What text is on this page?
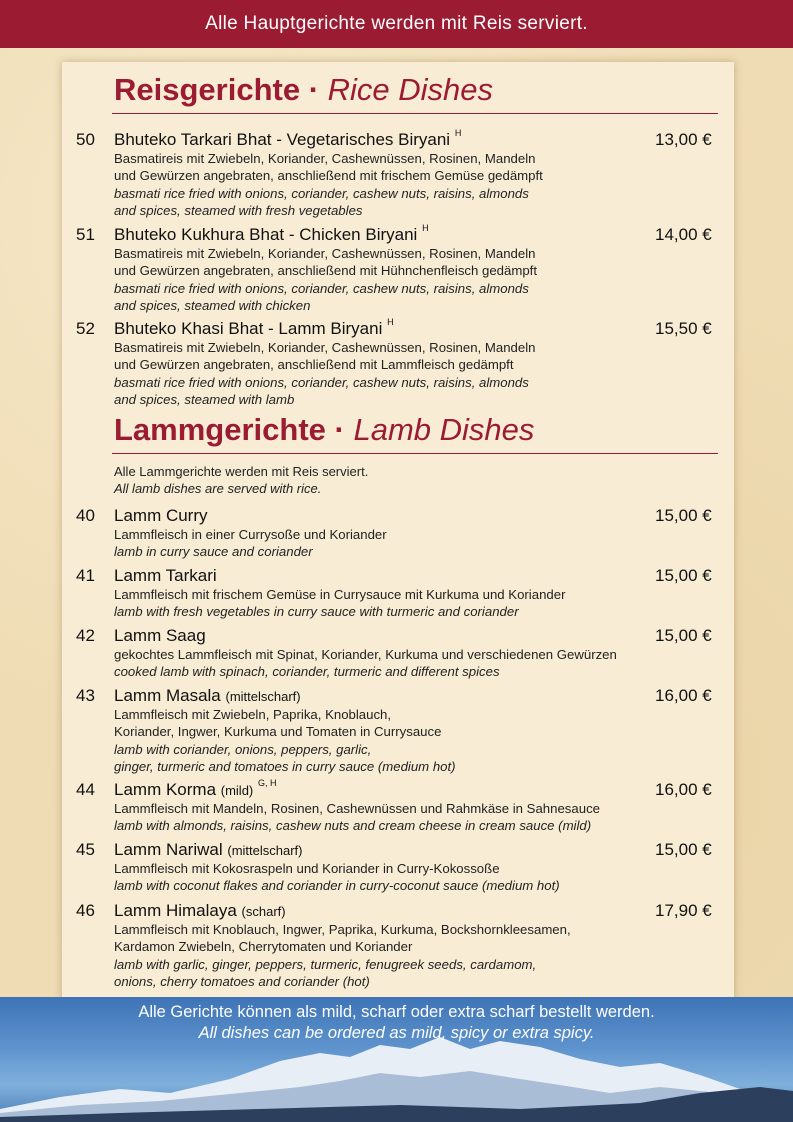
Alle Hauptgerichte werden mit Reis serviert.
Reisgerichte · Rice Dishes
50 Bhuteko Tarkari Bhat - Vegetarisches Biryani $^H$	13,00 €
Basmatireis mit Zwiebeln, Koriander, Cashewnüssen, Rosinen, Mandeln
und Gewürzen angebraten, anschließend mit frischem Gemüse gedämpft
basmati rice fried with onions, coriander, cashew nuts, raisins, almonds
and spices, steamed with fresh vegetables
51 Bhuteko Kukhura Bhat - Chicken Biryani $^H$	14,00 €
Basmatireis mit Zwiebeln, Koriander, Cashewnüssen, Rosinen, Mandeln
und Gewürzen angebraten, anschließend mit Hühnchenfleisch gedämpft
basmati rice fried with onions, coriander, cashew nuts, raisins, almonds
and spices, steamed with chicken
52 Bhuteko Khasi Bhat - Lamm Biryani $^H$	15,50 €
Basmatireis mit Zwiebeln, Koriander, Cashewnüssen, Rosinen, Mandeln
und Gewürzen angebraten, anschließend mit Lammfleisch gedämpft
basmati rice fried with onions, coriander, cashew nuts, raisins, almonds
and spices, steamed with lamb
Lammgerichte · Lamb Dishes
Alle Lammgerichte werden mit Reis serviert.
All lamb dishes are served with rice.
40 Lamm Curry	15,00 €
Lammfleisch in einer Currysoße und Koriander
lamb in curry sauce and coriander
41 Lamm Tarkari	15,00 €
Lammfleisch mit frischem Gemüse in Currysauce mit Kurkuma und Koriander
lamb with fresh vegetables in curry sauce with turmeric and coriander
42 Lamm Saag	15,00 €
gekochtes Lammfleisch mit Spinat, Koriander, Kurkuma und verschiedenen Gewürzen
cooked lamb with spinach, coriander, turmeric and different spices
43 Lamm Masala (mittelscharf)	16,00 €
Lammfleisch mit Zwiebeln, Paprika, Knoblauch,
Koriander, Ingwer, Kurkuma und Tomaten in Currysauce
lamb with coriander, onions, peppers, garlic,
ginger, turmeric and tomatoes in curry sauce (medium hot)
44 Lamm Korma (mild) $^{G, H}$	16,00 €
Lammfleisch mit Mandeln, Rosinen, Cashewnüssen und Rahmkäse in Sahnesauce
lamb with almonds, raisins, cashew nuts and cream cheese in cream sauce (mild)
45 Lamm Nariwal (mittelscharf)	15,00 €
Lammfleisch mit Kokosraspeln und Koriander in Curry-Kokossoße
lamb with coconut flakes and coriander in curry-coconut sauce (medium hot)
46 Lamm Himalaya (scharf)	17,90 €
Lammfleisch mit Knoblauch, Ingwer, Paprika, Kurkuma, Bockshornkleesamen,
Kardamon Zwiebeln, Cherrytomaten und Koriander
lamb with garlic, ginger, peppers, turmeric, fenugreek seeds, cardamom,
onions, cherry tomatoes and coriander (hot)
Alle Gerichte können als mild, scharf oder extra scharf bestellt werden.
All dishes can be ordered as mild, spicy or extra spicy.
